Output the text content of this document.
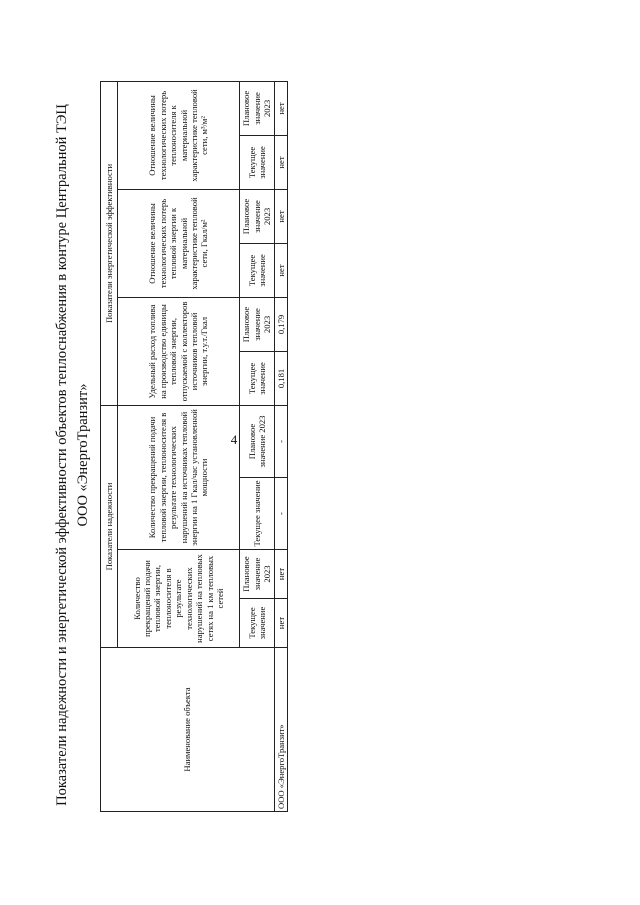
4
Показатели надежности и энергетической эффективности объектов теплоснабжения в контуре Центральной ТЭЦ ООО «ЭнергоТранзит»
Наименование объекта	Показатели надежности				Показатели энергетической эффективности					
	Количество прекращений подачи тепловой энергии, теплоносителя в результате технологических нарушений на тепловых сетях на 1 км тепловых сетей		Количество прекращений подачи тепловой энергии, теплоносителя в результате технологических нарушений на источниках тепловой энергии на 1 Гкал/час установленной мощности		Удельный расход топлива на производство единицы тепловой энергии, отпускаемой с коллекторов источников тепловой энергии, т.у.т./Гкал		Отношение величины технологических потерь тепловой энергии к материальной характеристике тепловой сети, Гкал/м²		Отношение величины технологических потерь теплоносителя к материальной характеристике тепловой сети, м³/м²	
	Текущее значение	Плановое значение 2023	Текущее значение	Плановое значение 2023	Текущее значение	Плановое значение 2023	Текущее значение	Плановое значение 2023	Текущее значение	Плановое значение 2023
ООО «ЭнергоТранзит»	нет	нет	-	-	0,181	0,179	нет	нет	нет	нет
